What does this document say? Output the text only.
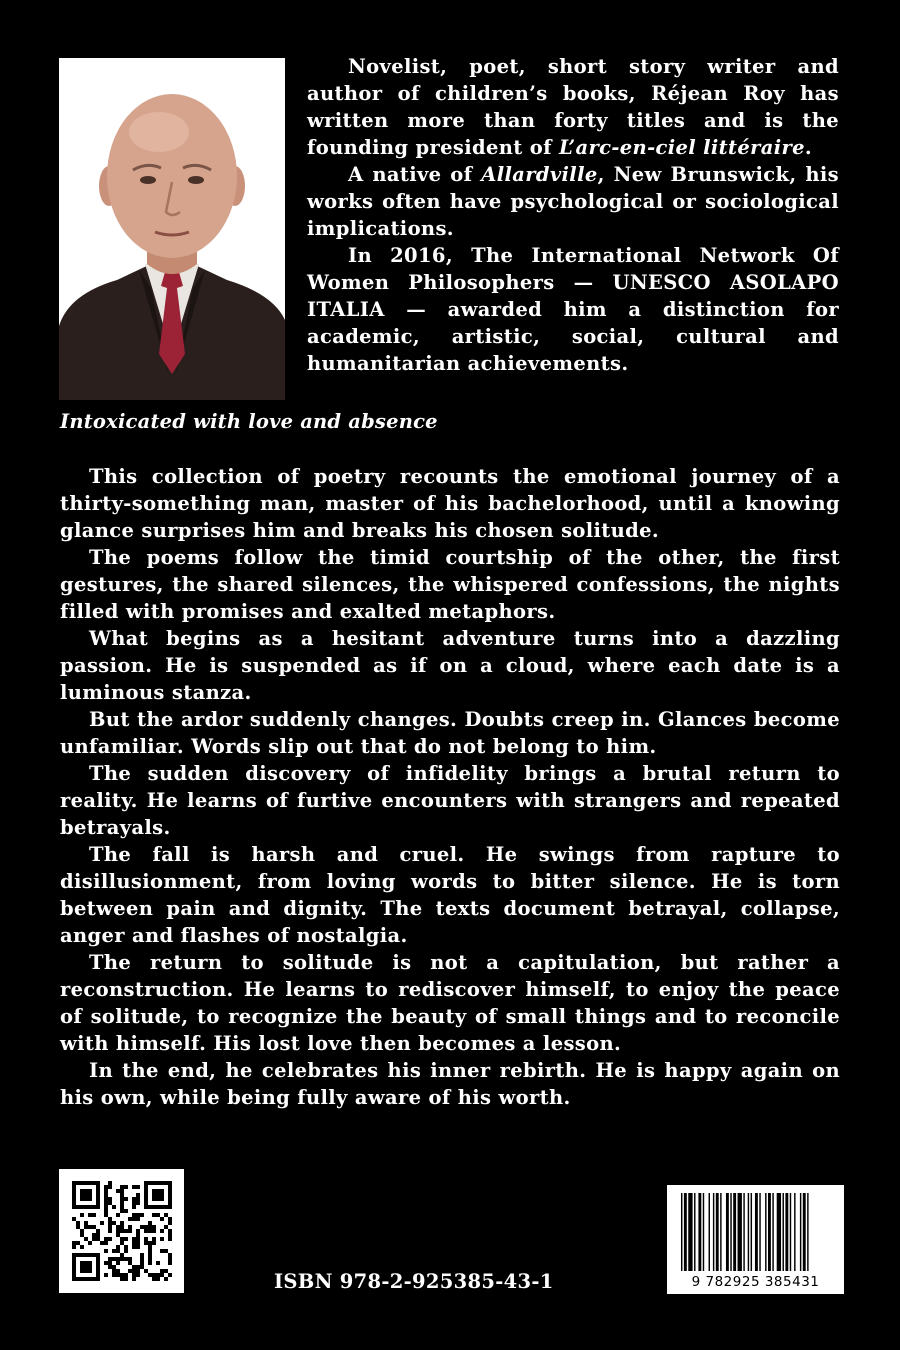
Novelist, poet, short story writer and author of children’s books, Réjean Roy has written more than forty titles and is the founding president of L’arc-en-ciel littéraire.

A native of Allardville, New Brunswick, his works often have psychological or sociological implications.

In 2016, The International Network Of Women Philosophers — UNESCO ASOLAPO ITALIA — awarded him a distinction for academic, artistic, social, cultural and humanitarian achievements.

Intoxicated with love and absence

This collection of poetry recounts the emotional journey of a thirty-something man, master of his bachelorhood, until a knowing glance surprises him and breaks his chosen solitude.

The poems follow the timid courtship of the other, the first gestures, the shared silences, the whispered confessions, the nights filled with promises and exalted metaphors.

What begins as a hesitant adventure turns into a dazzling passion. He is suspended as if on a cloud, where each date is a luminous stanza.

But the ardor suddenly changes. Doubts creep in. Glances become unfamiliar. Words slip out that do not belong to him.

The sudden discovery of infidelity brings a brutal return to reality. He learns of furtive encounters with strangers and repeated betrayals.

The fall is harsh and cruel. He swings from rapture to disillusionment, from loving words to bitter silence. He is torn between pain and dignity. The texts document betrayal, collapse, anger and flashes of nostalgia.

The return to solitude is not a capitulation, but rather a reconstruction. He learns to rediscover himself, to enjoy the peace of solitude, to recognize the beauty of small things and to reconcile with himself. His lost love then becomes a lesson.

In the end, he celebrates his inner rebirth. He is happy again on his own, while being fully aware of his worth.

ISBN 978-2-925385-43-1	9 782925 385431
